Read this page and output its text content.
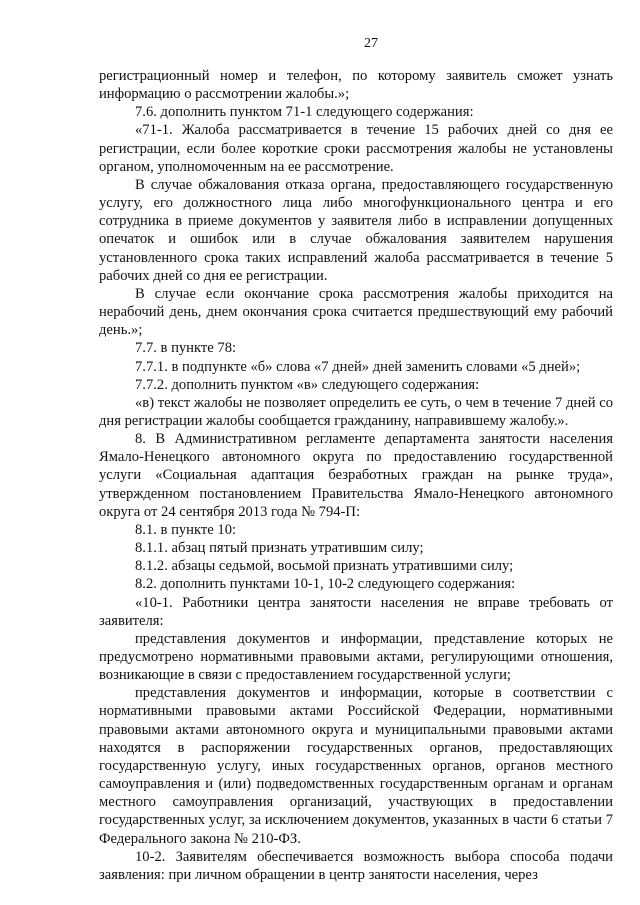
27

регистрационный номер и телефон, по которому заявитель сможет узнать информацию о рассмотрении жалобы.»;

7.6. дополнить пунктом 71-1 следующего содержания:

«71-1. Жалоба рассматривается в течение 15 рабочих дней со дня ее регистрации, если более короткие сроки рассмотрения жалобы не установлены органом, уполномоченным на ее рассмотрение.

В случае обжалования отказа органа, предоставляющего государственную услугу, его должностного лица либо многофункционального центра и его сотрудника в приеме документов у заявителя либо в исправлении допущенных опечаток и ошибок или в случае обжалования заявителем нарушения установленного срока таких исправлений жалоба рассматривается в течение 5 рабочих дней со дня ее регистрации.

В случае если окончание срока рассмотрения жалобы приходится на нерабочий день, днем окончания срока считается предшествующий ему рабочий день.»;

7.7. в пункте 78:

7.7.1. в подпункте «б» слова «7 дней» дней заменить словами «5 дней»;

7.7.2. дополнить пунктом «в» следующего содержания:

«в) текст жалобы не позволяет определить ее суть, о чем в течение 7 дней со дня регистрации жалобы сообщается гражданину, направившему жалобу.».

8. В Административном регламенте департамента занятости населения Ямало-Ненецкого автономного округа по предоставлению государственной услуги «Социальная адаптация безработных граждан на рынке труда», утвержденном постановлением Правительства Ямало-Ненецкого автономного округа от 24 сентября 2013 года № 794-П:

8.1. в пункте 10:

8.1.1. абзац пятый признать утратившим силу;

8.1.2. абзацы седьмой, восьмой признать утратившими силу;

8.2. дополнить пунктами 10-1, 10-2 следующего содержания:

«10-1. Работники центра занятости населения не вправе требовать от заявителя:

представления документов и информации, представление которых не предусмотрено нормативными правовыми актами, регулирующими отношения, возникающие в связи с предоставлением государственной услуги;

представления документов и информации, которые в соответствии с нормативными правовыми актами Российской Федерации, нормативными правовыми актами автономного округа и муниципальными правовыми актами находятся в распоряжении государственных органов, предоставляющих государственную услугу, иных государственных органов, органов местного самоуправления и (или) подведомственных государственным органам и органам местного самоуправления организаций, участвующих в предоставлении государственных услуг, за исключением документов, указанных в части 6 статьи 7 Федерального закона № 210-ФЗ.

10-2. Заявителям обеспечивается возможность выбора способа подачи заявления: при личном обращении в центр занятости населения, через
